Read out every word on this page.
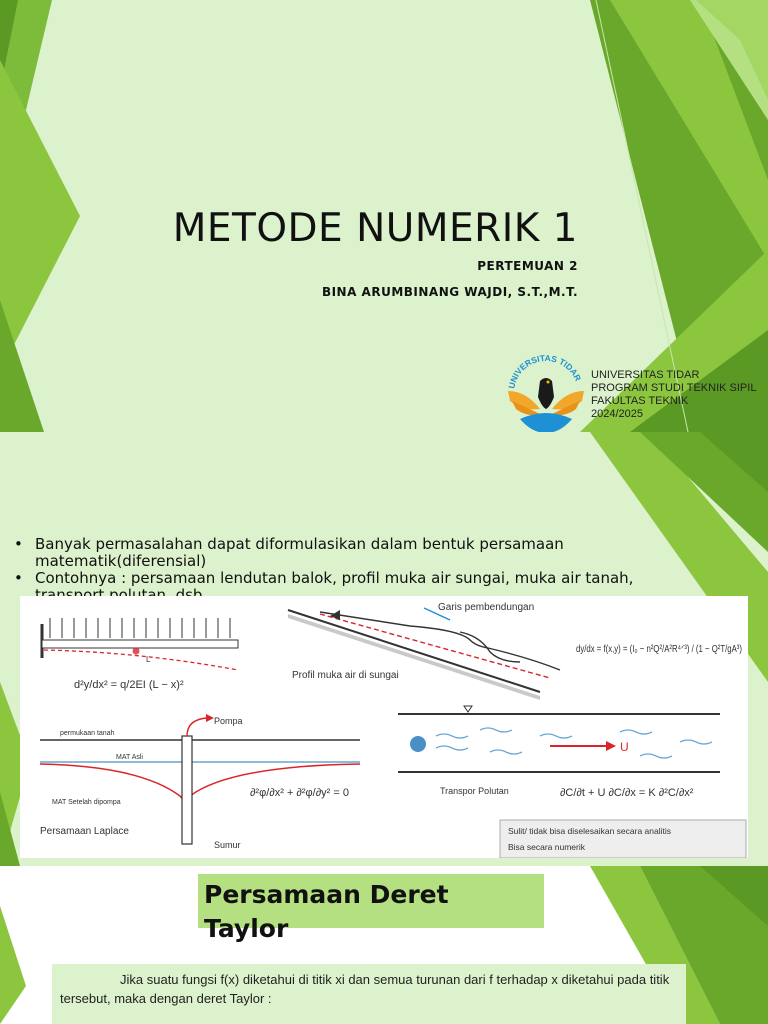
METODE NUMERIK 1
PERTEMUAN 2
BINA ARUMBINANG WAJDI, S.T.,M.T.
UNIVERSITAS TIDAR UNIVERSITAS TIDAR
PROGRAM STUDI TEKNIK SIPIL
FAKULTAS TEKNIK
2024/2025
• Banyak permasalahan dapat diformulasikan dalam bentuk persamaan matematik(diferensial)
• Contohnya : persamaan lendutan balok, profil muka air sungai, muka air tanah, transport polutan, dsb.
L
d²y/dx² = q/2EI (L − x)²
Garis pembendungan
Profil muka air di sungai
dy/dx = f(x,y) = (I₀ − n²Q²/A²R⁴ᐟ³) / (1 − Q²T/gA³)
Pompa
permukaan tanah
MAT Asli
MAT Setelah dipompa
Persamaan Laplace
Sumur
∂²φ/∂x² + ∂²φ/∂y² = 0
U
Transpor Polutan	∂C/∂t + U ∂C/∂x = K ∂²C/∂x²
Sulit/ tidak bisa diselesaikan secara analitis
Bisa secara numerik
Persamaan Deret
Taylor
Jika suatu fungsi f(x) diketahui di titik xi dan semua turunan dari f terhadap x diketahui pada titik tersebut, maka dengan deret Taylor :
